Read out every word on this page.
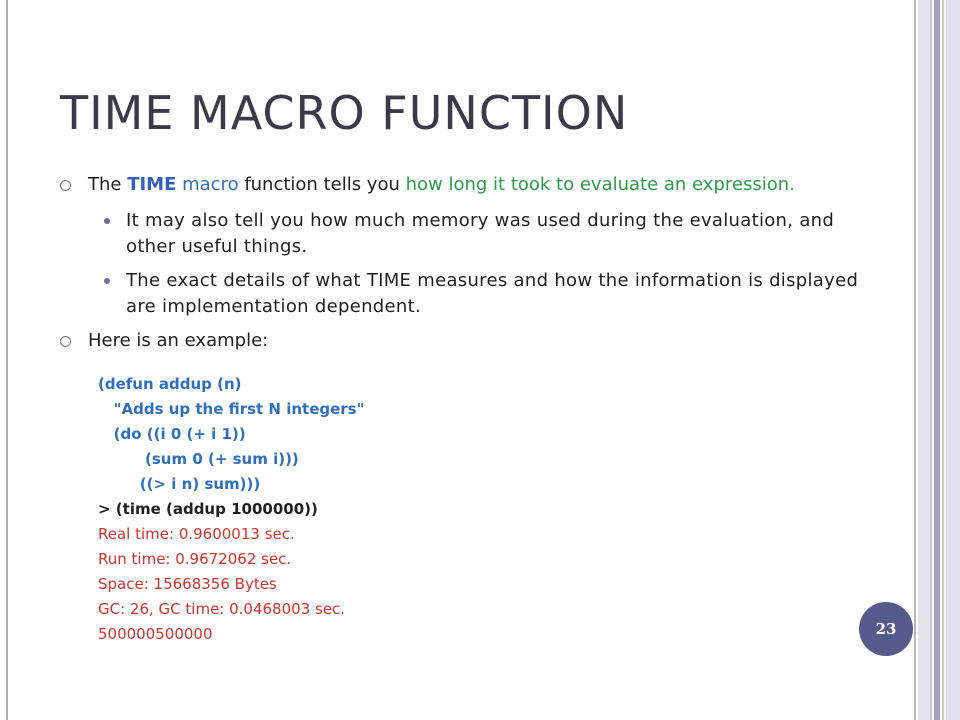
TIME MACRO FUNCTION
The TIME macro function tells you how long it took to evaluate an expression.
It may also tell you how much memory was used during the evaluation, and other useful things.
The exact details of what TIME measures and how the information is displayed are implementation dependent.
Here is an example:
(defun addup (n)
"Adds up the first N integers"
(do ((i 0 (+ i 1))
(sum 0 (+ sum i)))
((> i n) sum)))
> (time (addup 1000000))
Real time: 0.9600013 sec.
Run time: 0.9672062 sec.
Space: 15668356 Bytes
GC: 26, GC time: 0.0468003 sec.
500000500000	23
